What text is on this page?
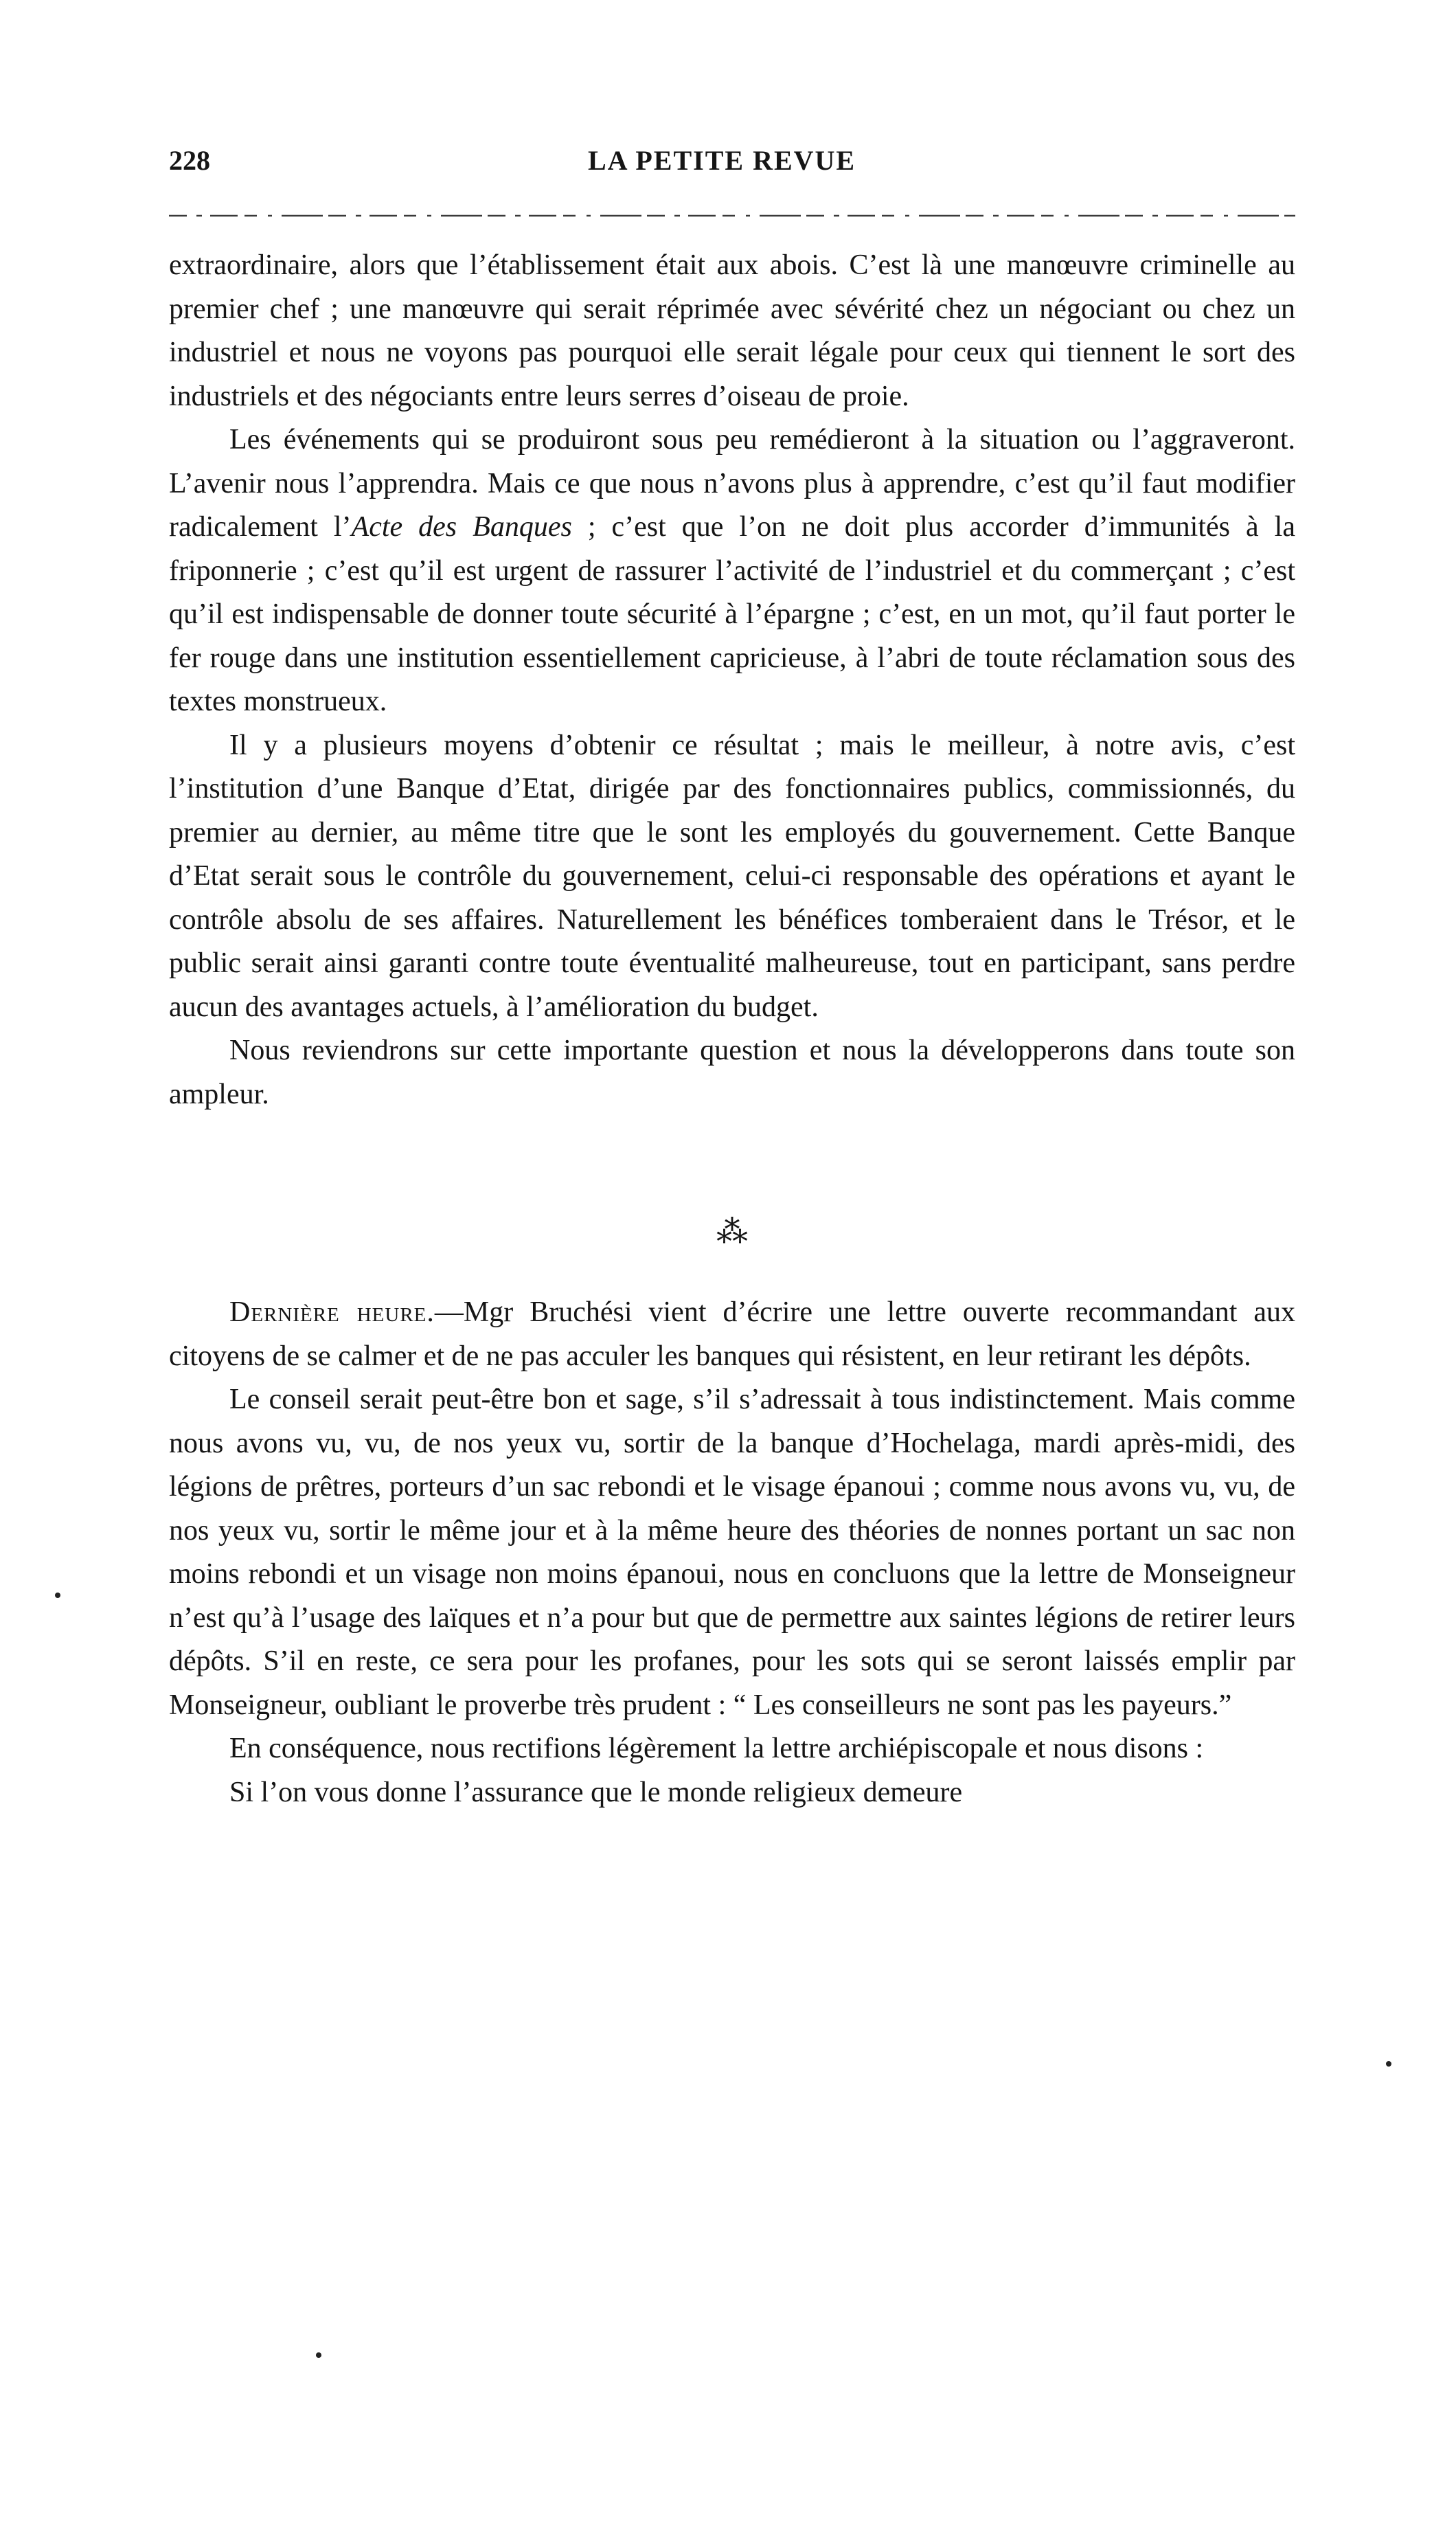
228	LA PETITE REVUE

extraordinaire, alors que l’établissement était aux abois. C’est là une manœuvre criminelle au premier chef ; une manœuvre qui serait réprimée avec sévérité chez un négociant ou chez un industriel et nous ne voyons pas pourquoi elle serait légale pour ceux qui tiennent le sort des industriels et des négociants entre leurs serres d’oiseau de proie.

Les événements qui se produiront sous peu remédieront à la situation ou l’aggraveront. L’avenir nous l’apprendra. Mais ce que nous n’avons plus à apprendre, c’est qu’il faut modifier radicalement l’Acte des Banques ; c’est que l’on ne doit plus accorder d’immunités à la friponnerie ; c’est qu’il est urgent de rassurer l’activité de l’industriel et du commerçant ; c’est qu’il est indispensable de donner toute sécurité à l’épargne ; c’est, en un mot, qu’il faut porter le fer rouge dans une institution essentiellement capricieuse, à l’abri de toute réclamation sous des textes monstrueux.

Il y a plusieurs moyens d’obtenir ce résultat ; mais le meilleur, à notre avis, c’est l’institution d’une Banque d’Etat, dirigée par des fonctionnaires publics, commissionnés, du premier au dernier, au même titre que le sont les employés du gouvernement. Cette Banque d’Etat serait sous le contrôle du gouvernement, celui-ci responsable des opérations et ayant le contrôle absolu de ses affaires. Naturellement les bénéfices tomberaient dans le Trésor, et le public serait ainsi garanti contre toute éventualité malheureuse, tout en participant, sans perdre aucun des avantages actuels, à l’amélioration du budget.

Nous reviendrons sur cette importante question et nous la développerons dans toute son ampleur.

⁂

Dernière heure.—Mgr Bruchési vient d’écrire une lettre ouverte recommandant aux citoyens de se calmer et de ne pas acculer les banques qui résistent, en leur retirant les dépôts.

Le conseil serait peut-être bon et sage, s’il s’adressait à tous indistinctement. Mais comme nous avons vu, vu, de nos yeux vu, sortir de la banque d’Hochelaga, mardi après-midi, des légions de prêtres, porteurs d’un sac rebondi et le visage épanoui ; comme nous avons vu, vu, de nos yeux vu, sortir le même jour et à la même heure des théories de nonnes portant un sac non moins rebondi et un visage non moins épanoui, nous en concluons que la lettre de Monseigneur n’est qu’à l’usage des laïques et n’a pour but que de permettre aux saintes légions de retirer leurs dépôts. S’il en reste, ce sera pour les profanes, pour les sots qui se seront laissés emplir par Monseigneur, oubliant le proverbe très prudent : “ Les conseilleurs ne sont pas les payeurs.”

En conséquence, nous rectifions légèrement la lettre archiépiscopale et nous disons :

Si l’on vous donne l’assurance que le monde religieux demeure
